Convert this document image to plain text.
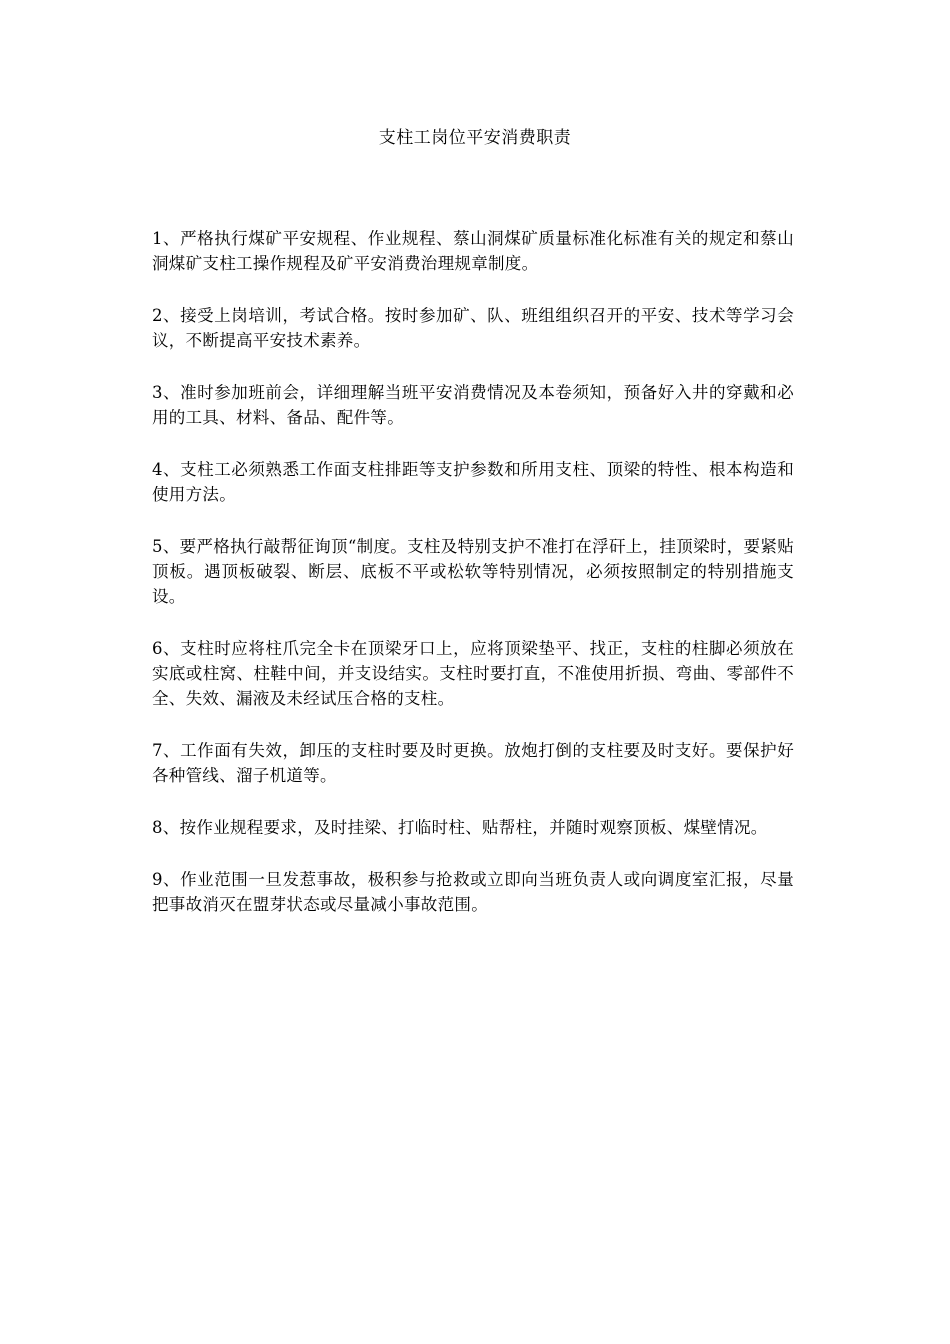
支柱工岗位平安消费职责

1、严格执行煤矿平安规程、作业规程、蔡山洞煤矿质量标准化标准有关的规定和蔡山洞煤矿支柱工操作规程及矿平安消费治理规章制度。

2、接受上岗培训，考试合格。按时参加矿、队、班组组织召开的平安、技术等学习会议，不断提高平安技术素养。

3、准时参加班前会，详细理解当班平安消费情况及本卷须知，预备好入井的穿戴和必用的工具、材料、备品、配件等。

4、支柱工必须熟悉工作面支柱排距等支护参数和所用支柱、顶梁的特性、根本构造和使用方法。

5、要严格执行敲帮征询顶“制度。支柱及特别支护不准打在浮矸上，挂顶梁时，要紧贴顶板。遇顶板破裂、断层、底板不平或松软等特别情况，必须按照制定的特别措施支设。

6、支柱时应将柱爪完全卡在顶梁牙口上，应将顶梁垫平、找正，支柱的柱脚必须放在实底或柱窝、柱鞋中间，并支设结实。支柱时要打直，不准使用折损、弯曲、零部件不全、失效、漏液及未经试压合格的支柱。

7、工作面有失效，卸压的支柱时要及时更换。放炮打倒的支柱要及时支好。要保护好各种管线、溜子机道等。

8、按作业规程要求，及时挂梁、打临时柱、贴帮柱，并随时观察顶板、煤壁情况。

9、作业范围一旦发惹事故，极积参与抢救或立即向当班负责人或向调度室汇报，尽量把事故消灭在盟芽状态或尽量减小事故范围。
